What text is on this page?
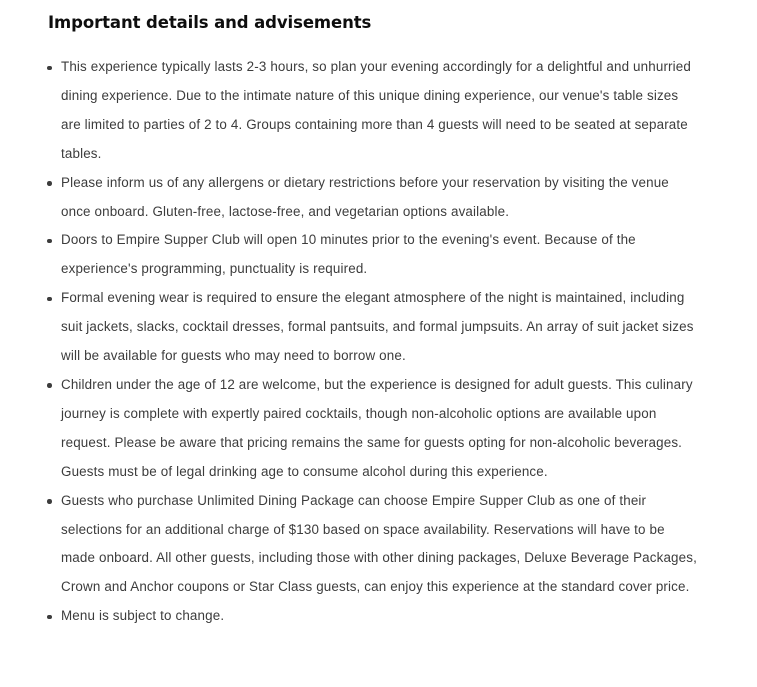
Important details and advisements
This experience typically lasts 2-3 hours, so plan your evening accordingly for a delightful and unhurried dining experience. Due to the intimate nature of this unique dining experience, our venue's table sizes are limited to parties of 2 to 4. Groups containing more than 4 guests will need to be seated at separate tables.
Please inform us of any allergens or dietary restrictions before your reservation by visiting the venue once onboard. Gluten-free, lactose-free, and vegetarian options available.
Doors to Empire Supper Club will open 10 minutes prior to the evening's event. Because of the experience's programming, punctuality is required.
Formal evening wear is required to ensure the elegant atmosphere of the night is maintained, including suit jackets, slacks, cocktail dresses, formal pantsuits, and formal jumpsuits. An array of suit jacket sizes will be available for guests who may need to borrow one.
Children under the age of 12 are welcome, but the experience is designed for adult guests. This culinary journey is complete with expertly paired cocktails, though non-alcoholic options are available upon request. Please be aware that pricing remains the same for guests opting for non-alcoholic beverages. Guests must be of legal drinking age to consume alcohol during this experience.
Guests who purchase Unlimited Dining Package can choose Empire Supper Club as one of their selections for an additional charge of $130 based on space availability. Reservations will have to be made onboard. All other guests, including those with other dining packages, Deluxe Beverage Packages, Crown and Anchor coupons or Star Class guests, can enjoy this experience at the standard cover price.
Menu is subject to change.
